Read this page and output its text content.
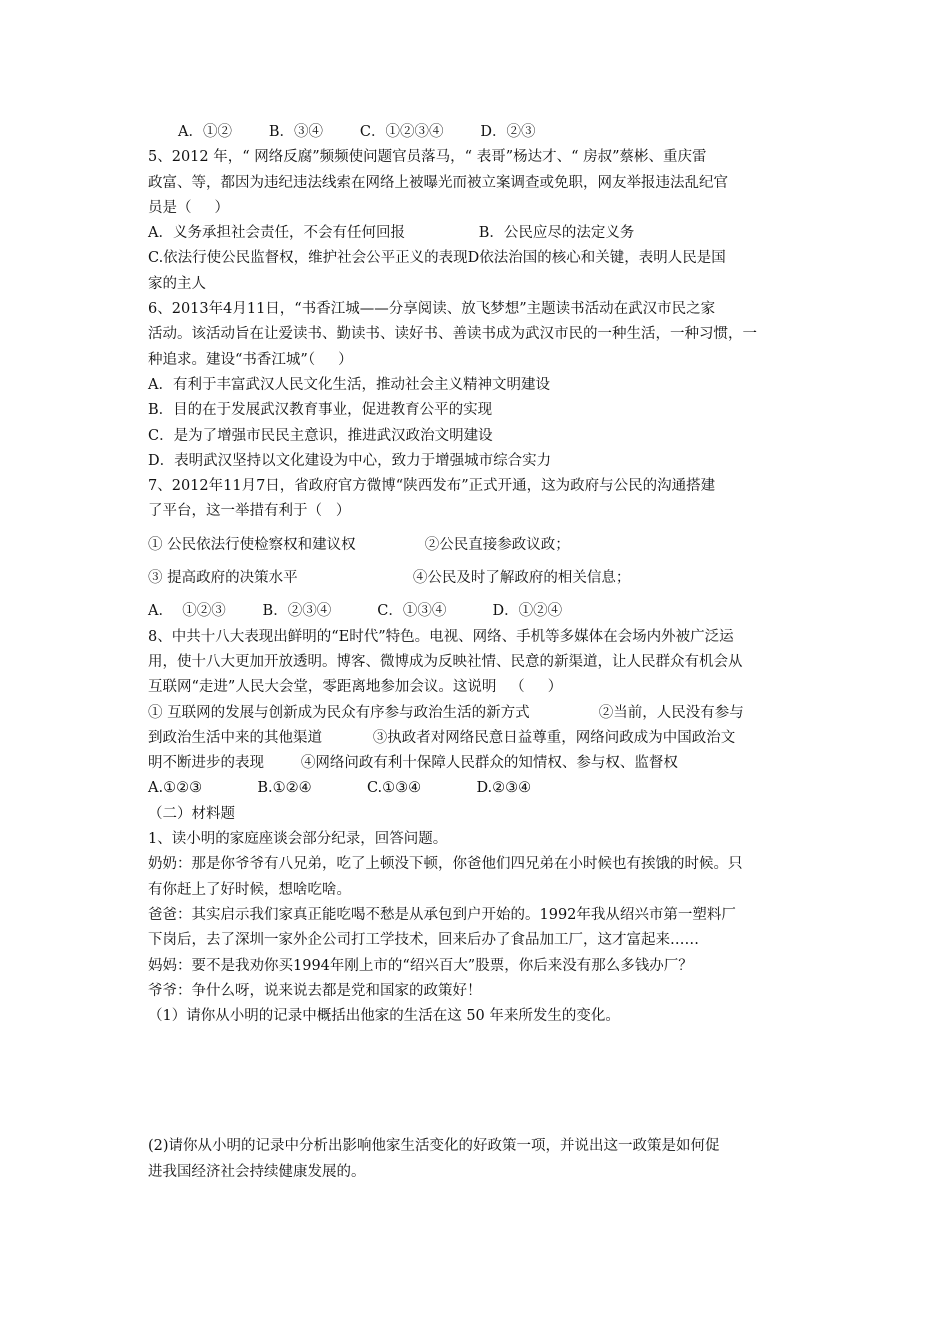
A．①②        B．③④        C．①②③④        D．②③
5、2012 年，“ 网络反腐”频频使问题官员落马，“ 表哥”杨达才、“ 房叔”蔡彬、重庆雷
政富、等，都因为违纪违法线索在网络上被曝光而被立案调查或免职，网友举报违法乱纪官
员是（     ）
A．义务承担社会责任，不会有任何回报                B．公民应尽的法定义务
C.依法行使公民监督权，维护社会公平正义的表现D依法治国的核心和关键，表明人民是国
家的主人
6、2013年4月11日，“书香江城——分享阅读、放飞梦想”主题读书活动在武汉市民之家
活动。该活动旨在让爱读书、勤读书、读好书、善读书成为武汉市民的一种生活，一种习惯，一
种追求。建设“书香江城”（     ）
A．有利于丰富武汉人民文化生活，推动社会主义精神文明建设
B．目的在于发展武汉教育事业，促进教育公平的实现
C．是为了增强市民民主意识，推进武汉政治文明建设
D．表明武汉坚持以文化建设为中心，致力于增强城市综合实力
7、2012年11月7日，省政府官方微博“陕西发布”正式开通，这为政府与公民的沟通搭建
了平台，这一举措有利于（   ）
① 公民依法行使检察权和建议权               ②公民直接参政议政；
③ 提高政府的决策水平                         ④公民及时了解政府的相关信息；
A．  ①②③        B．②③④          C．①③④          D．①②④
8、中共十八大表现出鲜明的“E时代”特色。电视、网络、手机等多媒体在会场内外被广泛运
用，使十八大更加开放透明。博客、微博成为反映社情、民意的新渠道，让人民群众有机会从
互联网“走进”人民大会堂，零距离地参加会议。这说明   （     ）
① 互联网的发展与创新成为民众有序参与政治生活的新方式               ②当前，人民没有参与
到政治生活中来的其他渠道           ③执政者对网络民意日益尊重，网络问政成为中国政治文
明不断进步的表现        ④网络问政有利十保障人民群众的知情权、参与权、监督权
A.①②③            B.①②④            C.①③④            D.②③④
（二）材料题
1、读小明的家庭座谈会部分纪录，回答问题。
奶奶：那是你爷爷有八兄弟，吃了上顿没下顿，你爸他们四兄弟在小时候也有挨饿的时候。只
有你赶上了好时候，想啥吃啥。
爸爸：其实启示我们家真正能吃喝不愁是从承包到户开始的。1992年我从绍兴市第一塑料厂
下岗后，去了深圳一家外企公司打工学技术，回来后办了食品加工厂，这才富起来……
妈妈：要不是我劝你买1994年刚上市的“绍兴百大”股票，你后来没有那么多钱办厂？
爷爷：争什么呀，说来说去都是党和国家的政策好！
（1）请你从小明的记录中概括出他家的生活在这 50 年来所发生的变化。
(2)请你从小明的记录中分析出影响他家生活变化的好政策一项，并说出这一政策是如何促
进我国经济社会持续健康发展的。
